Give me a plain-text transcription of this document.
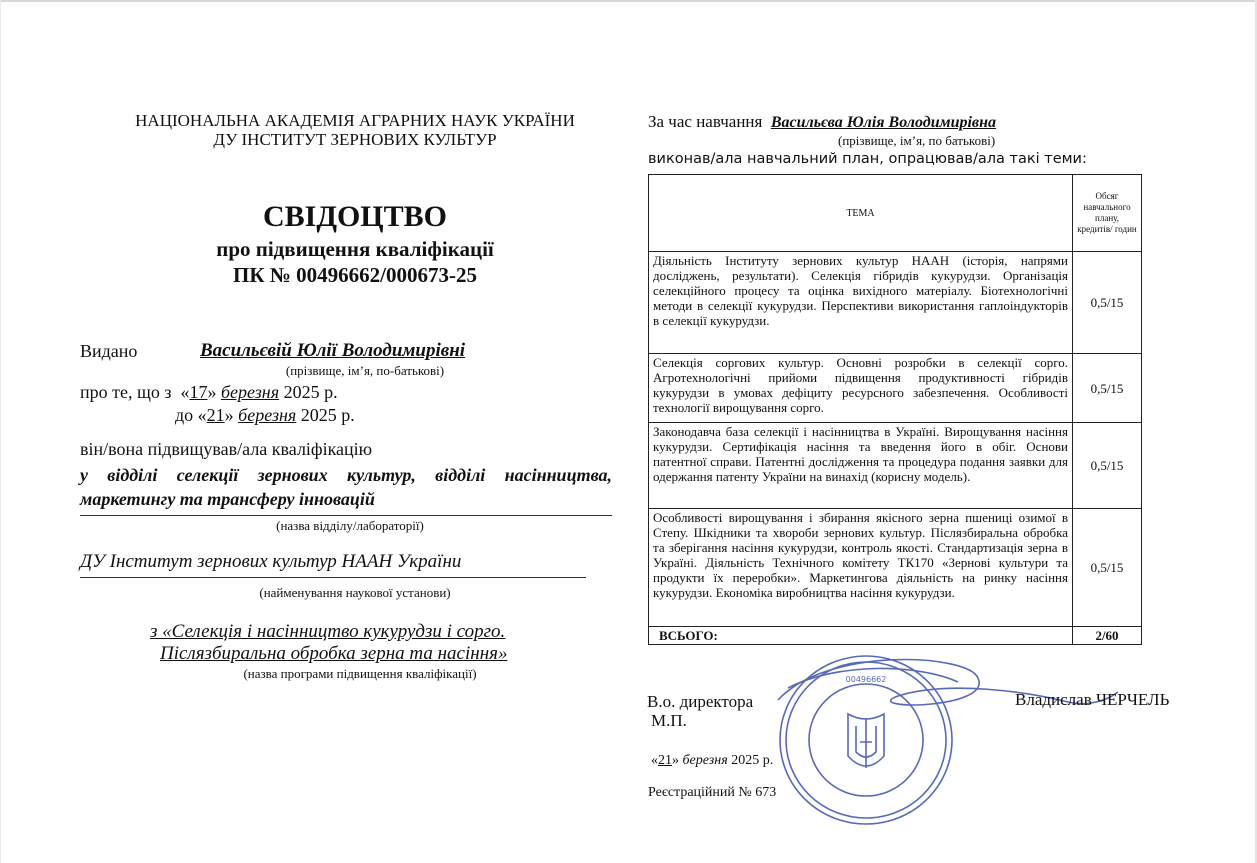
НАЦІОНАЛЬНА АКАДЕМІЯ АГРАРНИХ НАУК УКРАЇНИ
ДУ ІНСТИТУТ ЗЕРНОВИХ КУЛЬТУР
СВІДОЦТВО
про підвищення кваліфікації
ПК № 00496662/000673-25
Видано	Васильєвій Юлії Володимирівні
(прізвище, ім’я, по-батькові)
про те, що з «17» березня 2025 р.
до «21» березня 2025 р.
він/вона підвищував/ала кваліфікацію
у відділі селекції зернових культур, відділі насінництва,
маркетингу та трансферу інновацій
(назва відділу/лабораторії)
ДУ Інститут зернових культур НААН України
(найменування наукової установи)
з «Селекція і насінництво кукурудзи і сорго.
Післязбиральна обробка зерна та насіння»
(назва програми підвищення кваліфікації)
За час навчання Васильєва Юлія Володимирівна
(прізвище, ім’я, по батькові)
виконав/ала навчальний план, опрацював/ала такі теми:
ТЕМА	Обсяг навчального плану, кредитів/ годин
Діяльність Інституту зернових культур НААН (історія, напрями досліджень, результати). Селекція гібридів кукурудзи. Організація селекційного процесу та оцінка вихідного матеріалу. Біотехнологічні методи в селекції кукурудзи. Перспективи використання гаплоіндукторів в селекції кукурудзи.	0,5/15
Селекція соргових культур. Основні розробки в селекції сорго. Агротехнологічні прийоми підвищення продуктивності гібридів кукурудзи в умовах дефіциту ресурсного забезпечення. Особливості технології вирощування сорго.	0,5/15
Законодавча база селекції і насінництва в Україні. Вирощування насіння кукурудзи. Сертифікація насіння та введення його в обіг. Основи патентної справи. Патентні дослідження та процедура подання заявки для одержання патенту України на винахід (корисну модель).	0,5/15
Особливості вирощування і збирання якісного зерна пшениці озимої в Степу. Шкідники та хвороби зернових культур. Післязбиральна обробка та зберігання насіння кукурудзи, контроль якості. Стандартизація зерна в Україні. Діяльність Технічного комітету ТК170 «Зернові культури та продукти їх переробки». Маркетингова діяльність на ринку насіння кукурудзи. Економіка виробництва насіння кукурудзи.	0,5/15
ВСЬОГО:	2/60
00496662
В.о. директора
М.П.
Владислав ЧЕРЧЕЛЬ
«21» березня 2025 р.
Реєстраційний № 673
